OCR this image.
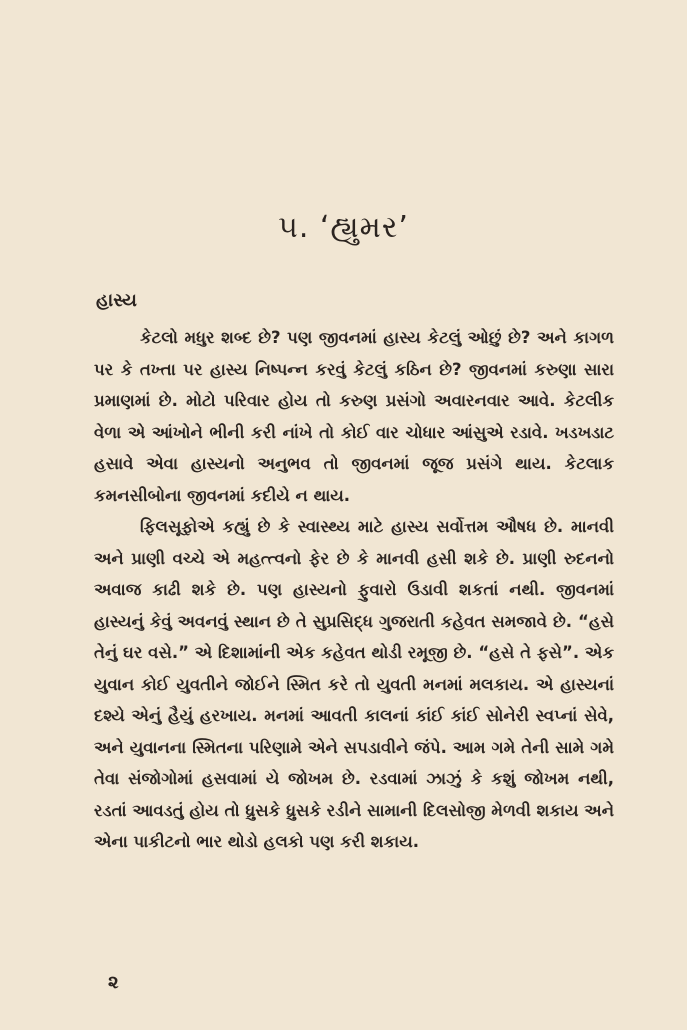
૫. ‘હ્યુમર’
હાસ્ય

કેટલો મધુર શબ્દ છે? પણ જીવનમાં હાસ્ય કેટલું ઓછું છે? અને કાગળ પર કે તખ્તા પર હાસ્ય નિષ્પન્ન કરવું કેટલું કઠિન છે? જીવનમાં કરુણા સારા પ્રમાણમાં છે. મોટો પરિવાર હોય તો કરુણ પ્રસંગો અવારનવાર આવે. કેટલીક વેળા એ આંખોને ભીની કરી નાંખે તો કોઈ વાર ચોધાર આંસુએ રડાવે. ખડખડાટ હસાવે એવા હાસ્યનો અનુભવ તો જીવનમાં જૂજ પ્રસંગે થાય. કેટલાક કમનસીબોના જીવનમાં કદીયે ન થાય.

ફિલસૂફોએ કહ્યું છે કે સ્વાસ્થ્ય માટે હાસ્ય સર્વોત્તમ ઔષધ છે. માનવી અને પ્રાણી વચ્ચે એ મહત્ત્વનો ફેર છે કે માનવી હસી શકે છે. પ્રાણી રુદનનો અવાજ કાઢી શકે છે. પણ હાસ્યનો ફુવારો ઉડાવી શકતાં નથી. જીવનમાં હાસ્યનું કેવું અવનવું સ્થાન છે તે સુપ્રસિદ્ધ ગુજરાતી કહેવત સમજાવે છે. “હસે તેનું ઘર વસે.” એ દિશામાંની એક કહેવત થોડી રમૂજી છે. “હસે તે ફસે”. એક યુવાન કોઈ યુવતીને જોઈને સ્મિત કરે તો યુવતી મનમાં મલકાય. એ હાસ્યનાં દશ્યે એનું હૈયું હરખાય. મનમાં આવતી કાલનાં કાંઈ કાંઈ સોનેરી સ્વપ્નાં સેવે, અને યુવાનના સ્મિતના પરિણામે એને સપડાવીને જંપે. આમ ગમે તેની સામે ગમે તેવા સંજોગોમાં હસવામાં યે જોખમ છે. રડવામાં ઝાઝું કે કશું જોખમ નથી, રડતાં આવડતું હોય તો ધ્રુસકે ધ્રુસકે રડીને સામાની દિલસોજી મેળવી શકાય અને એના પાકીટનો ભાર થોડો હલકો પણ કરી શકાય.

૨
